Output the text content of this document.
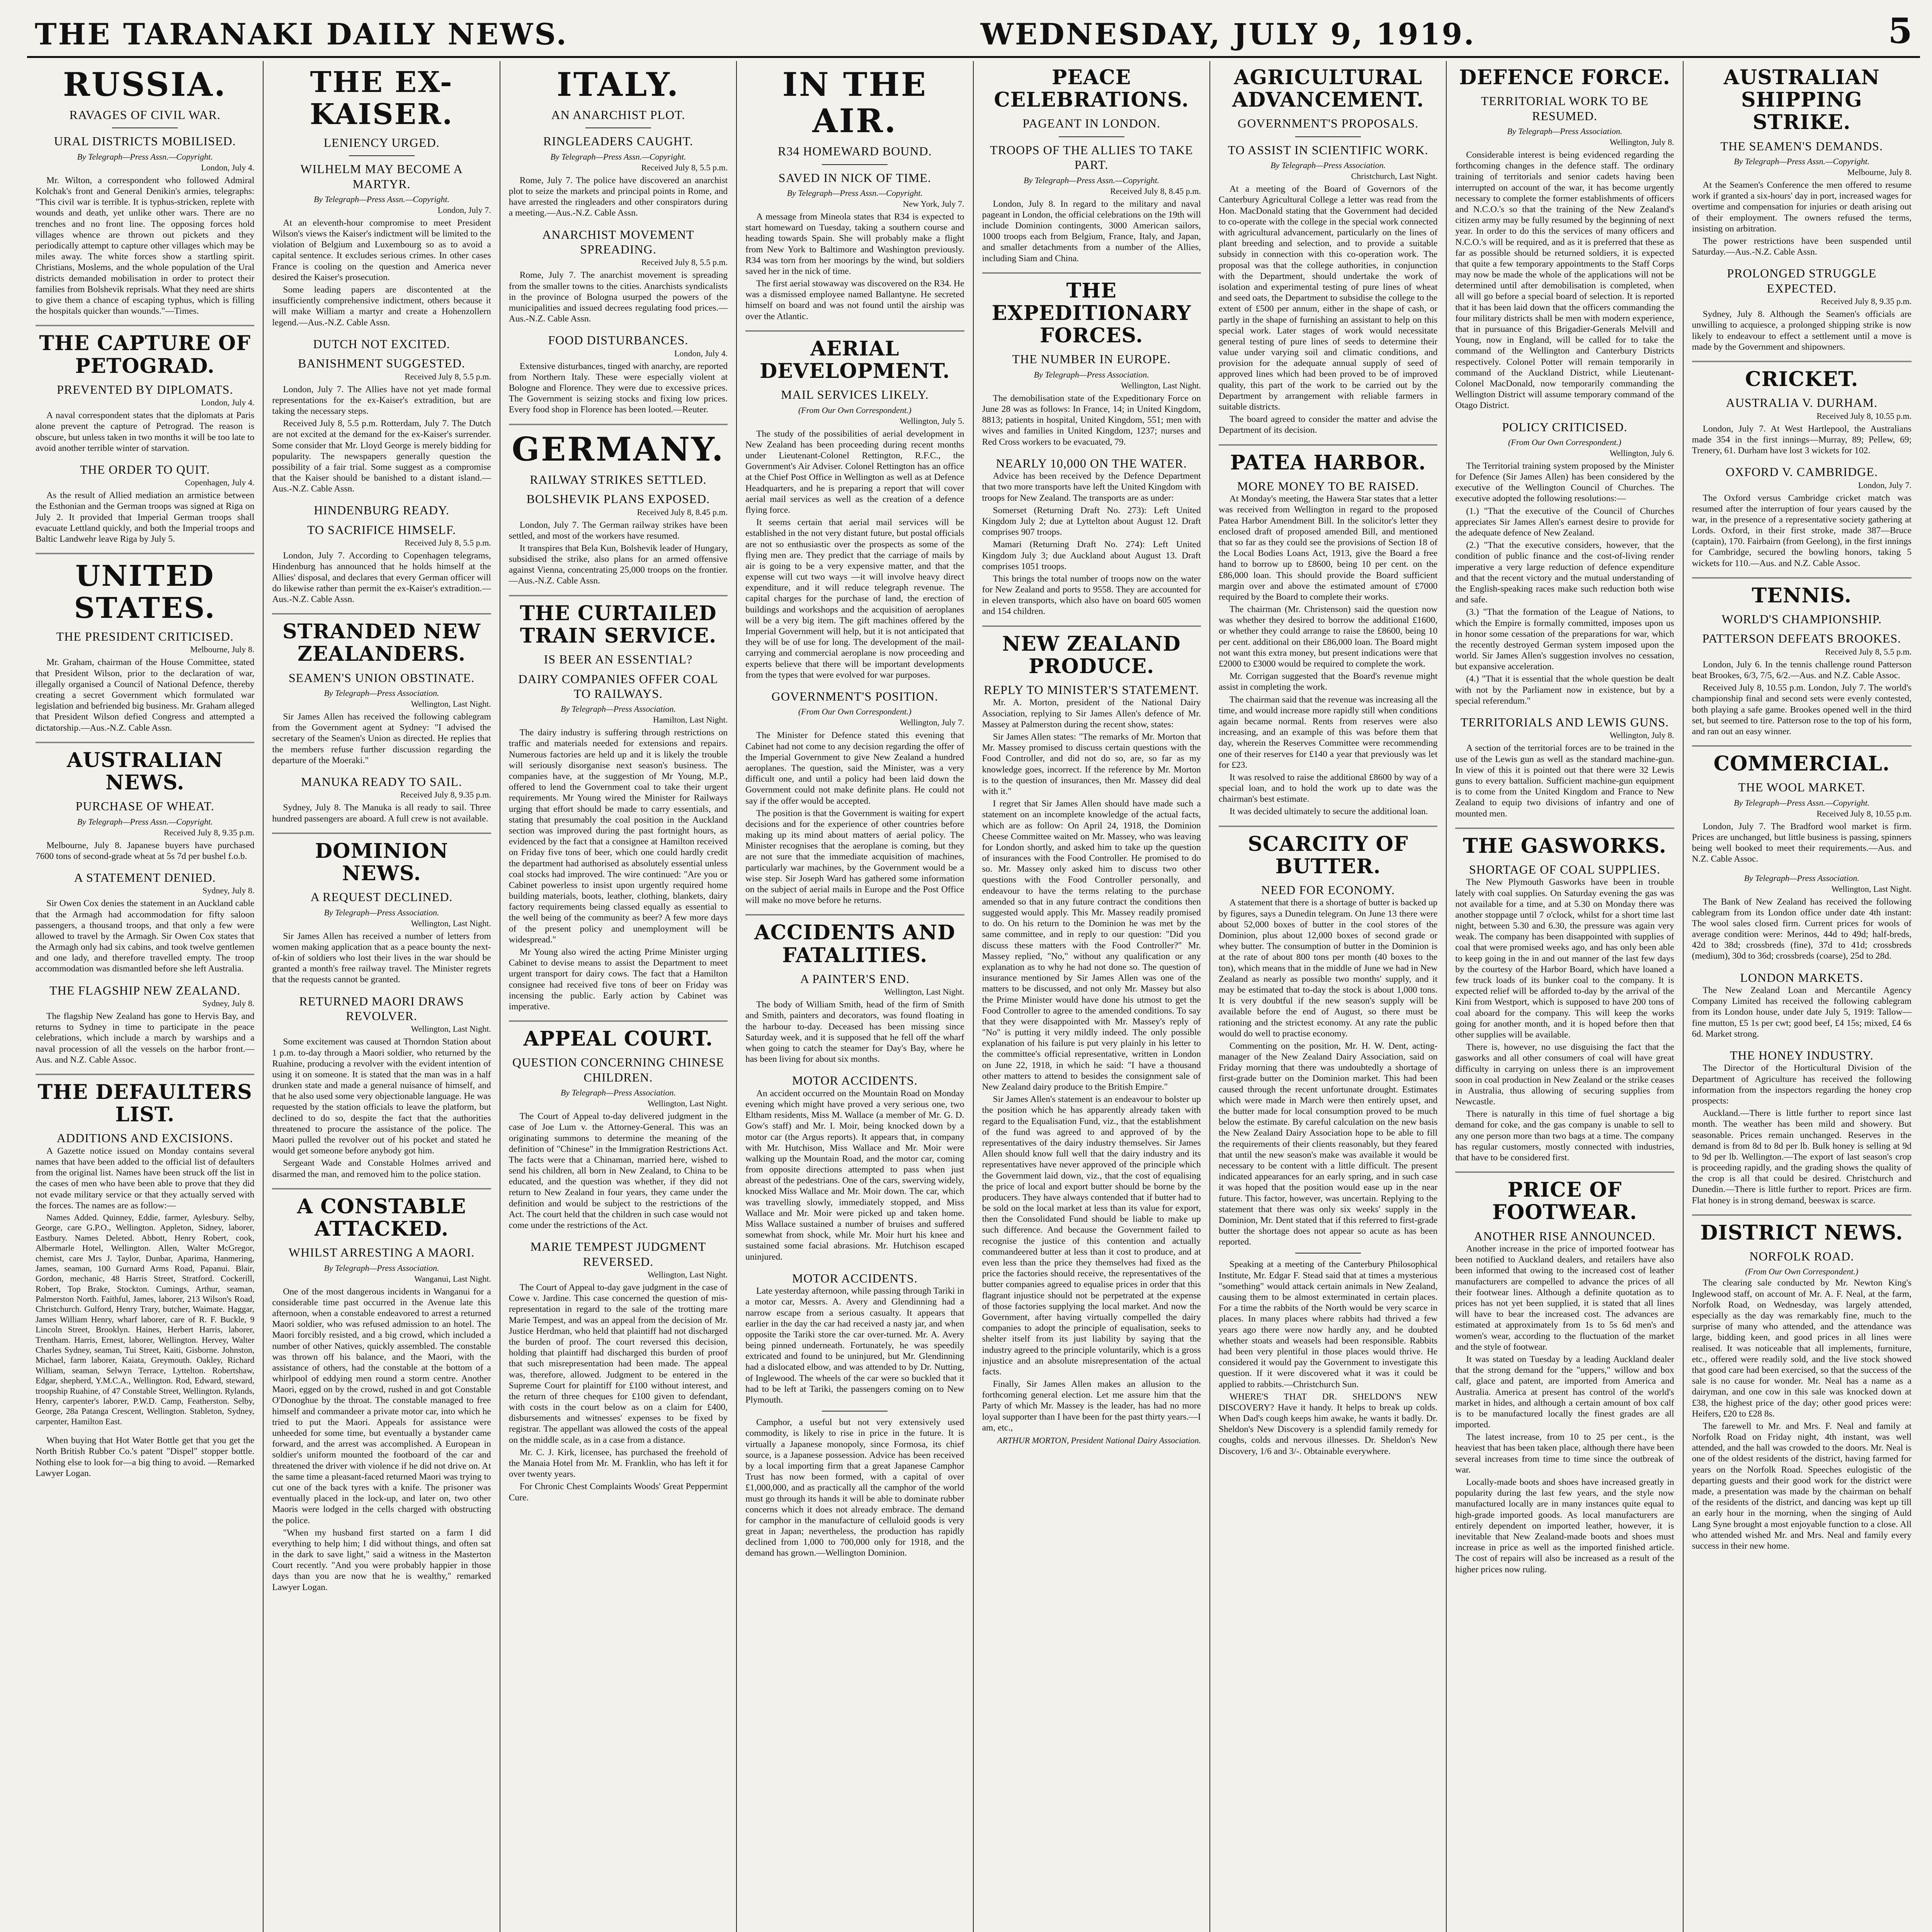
THE TARANAKI DAILY NEWS.	WEDNESDAY, JULY 9, 1919.	5
RUSSIA.
RAVAGES OF CIVIL WAR.
URAL DISTRICTS MOBILISED.
By Telegraph—Press Assn.—Copyright.
London, July 4.

Mr. Wilton, a correspondent who followed Admiral Kolchak's front and General Denikin's armies, telegraphs: "This civil war is terrible. It is typhus-stricken, replete with wounds and death, yet unlike other wars. There are no trenches and no front line. The opposing forces hold villages whence are thrown out pickets and they periodically attempt to capture other villages which may be miles away. The white forces show a startling spirit. Christians, Moslems, and the whole population of the Ural districts demanded mobilisation in order to protect their families from Bolshevik reprisals. What they need are shirts to give them a chance of escaping typhus, which is filling the hospitals quicker than wounds."—Times.

THE CAPTURE OF PETOGRAD.
PREVENTED BY DIPLOMATS.
London, July 4.

A naval correspondent states that the diplomats at Paris alone prevent the capture of Petrograd. The reason is obscure, but unless taken in two months it will be too late to avoid another terrible winter of starvation.

THE ORDER TO QUIT.
Copenhagen, July 4.

As the result of Allied mediation an armistice between the Esthonian and the German troops was signed at Riga on July 2. It provided that Imperial German troops shall evacuate Lettland quickly, and both the Imperial troops and Baltic Landwehr leave Riga by July 5.

UNITED STATES.
THE PRESIDENT CRITICISED.
Melbourne, July 8.

Mr. Graham, chairman of the House Committee, stated that President Wilson, prior to the declaration of war, illegally organised a Council of National Defence, thereby creating a secret Government which formulated war legislation and befriended big business. Mr. Graham alleged that President Wilson defied Congress and attempted a dictatorship.—Aus.-N.Z. Cable Assn.

AUSTRALIAN NEWS.
PURCHASE OF WHEAT.
By Telegraph—Press Assn.—Copyright.
Received July 8, 9.35 p.m.

Melbourne, July 8. Japanese buyers have purchased 7600 tons of second-grade wheat at 5s 7d per bushel f.o.b.

A STATEMENT DENIED.
Sydney, July 8.

Sir Owen Cox denies the statement in an Auckland cable that the Armagh had accommodation for fifty saloon passengers, a thousand troops, and that only a few were allowed to travel by the Armagh. Sir Owen Cox states that the Armagh only had six cabins, and took twelve gentlemen and one lady, and therefore travelled empty. The troop accommodation was dismantled before she left Australia.

THE FLAGSHIP NEW ZEALAND.
Sydney, July 8.

The flagship New Zealand has gone to Hervis Bay, and returns to Sydney in time to participate in the peace celebrations, which include a march by warships and a naval procession of all the vessels on the harbor front.—Aus. and N.Z. Cable Assoc.

THE DEFAULTERS LIST.
ADDITIONS AND EXCISIONS.

A Gazette notice issued on Monday contains several names that have been added to the official list of defaulters from the original list. Names have been struck off the list in the cases of men who have been able to prove that they did not evade military service or that they actually served with the forces. The names are as follow:—

Names Added. Quinney, Eddie, farmer, Aylesbury. Selby, George, care G.P.O., Wellington. Appleton, Sidney, laborer, Eastbury. Names Deleted. Abbott, Henry Robert, cook, Albermarle Hotel, Wellington. Allen, Walter McGregor, chemist, care Mrs J. Taylor, Dunbar, Aparima, Hanmering, James, seaman, 100 Gurnard Arms Road, Papanui. Blair, Gordon, mechanic, 48 Harris Street, Stratford. Cockerill, Robert, Top Brake, Stockton. Cumings, Arthur, seaman, Palmerston North. Faithful, James, laborer, 213 Wilson's Road, Christchurch. Gulford, Henry Trary, butcher, Waimate. Haggar, James William Henry, wharf laborer, care of R. F. Buckle, 9 Lincoln Street, Brooklyn. Haines, Herbert Harris, laborer, Trentham. Harris, Ernest, laborer, Wellington. Hervey, Walter Charles Sydney, seaman, Tui Street, Kaiti, Gisborne. Johnston, Michael, farm laborer, Kaiata, Greymouth. Oakley, Richard William, seaman, Selwyn Terrace, Lyttelton. Robertshaw, Edgar, shepherd, Y.M.C.A., Wellington. Rod, Edward, steward, troopship Ruahine, of 47 Constable Street, Wellington. Rylands, Henry, carpenter's laborer, P.W.D. Camp, Featherston. Selby, George, 28a Patanga Crescent, Wellington. Stableton, Sydney, carpenter, Hamilton East.

When buying that Hot Water Bottle get that you get the North British Rubber Co.'s patent "Dispel" stopper bottle. Nothing else to look for—a big thing to avoid. —Remarked Lawyer Logan.

THE EX-KAISER.
LENIENCY URGED.
WILHELM MAY BECOME A MARTYR.
By Telegraph—Press Assn.—Copyright.
London, July 7.

At an eleventh-hour compromise to meet President Wilson's views the Kaiser's indictment will be limited to the violation of Belgium and Luxembourg so as to avoid a capital sentence. It excludes serious crimes. In other cases France is cooling on the question and America never desired the Kaiser's prosecution.

Some leading papers are discontented at the insufficiently comprehensive indictment, others because it will make William a martyr and create a Hohenzollern legend.—Aus.-N.Z. Cable Assn.

DUTCH NOT EXCITED.
BANISHMENT SUGGESTED.
Received July 8, 5.5 p.m.

London, July 7. The Allies have not yet made formal representations for the ex-Kaiser's extradition, but are taking the necessary steps.

Received July 8, 5.5 p.m. Rotterdam, July 7. The Dutch are not excited at the demand for the ex-Kaiser's surrender. Some consider that Mr. Lloyd George is merely bidding for popularity. The newspapers generally question the possibility of a fair trial. Some suggest as a compromise that the Kaiser should be banished to a distant island.—Aus.-N.Z. Cable Assn.

HINDENBURG READY.
TO SACRIFICE HIMSELF.
Received July 8, 5.5 p.m.

London, July 7. According to Copenhagen telegrams, Hindenburg has announced that he holds himself at the Allies' disposal, and declares that every German officer will do likewise rather than permit the ex-Kaiser's extradition.—Aus.-N.Z. Cable Assn.

STRANDED NEW ZEALANDERS.
SEAMEN'S UNION OBSTINATE.
By Telegraph—Press Association.
Wellington, Last Night.

Sir James Allen has received the following cablegram from the Government agent at Sydney: "I advised the secretary of the Seamen's Union as directed. He replies that the members refuse further discussion regarding the departure of the Moeraki."

MANUKA READY TO SAIL.
Received July 8, 9.35 p.m.

Sydney, July 8. The Manuka is all ready to sail. Three hundred passengers are aboard. A full crew is not available.

DOMINION NEWS.
A REQUEST DECLINED.
By Telegraph—Press Association.
Wellington, Last Night.

Sir James Allen has received a number of letters from women making application that as a peace bounty the next-of-kin of soldiers who lost their lives in the war should be granted a month's free railway travel. The Minister regrets that the requests cannot be granted.

RETURNED MAORI DRAWS REVOLVER.
Wellington, Last Night.

Some excitement was caused at Thorndon Station about 1 p.m. to-day through a Maori soldier, who returned by the Ruahine, producing a revolver with the evident intention of using it on someone. It is stated that the man was in a half drunken state and made a general nuisance of himself, and that he also used some very objectionable language. He was requested by the station officials to leave the platform, but declined to do so, despite the fact that the authorities threatened to procure the assistance of the police. The Maori pulled the revolver out of his pocket and stated he would get someone before anybody got him.

Sergeant Wade and Constable Holmes arrived and disarmed the man, and removed him to the police station.

A CONSTABLE ATTACKED.
WHILST ARRESTING A MAORI.
By Telegraph—Press Association.
Wanganui, Last Night.

One of the most dangerous incidents in Wanganui for a considerable time past occurred in the Avenue late this afternoon, when a constable endeavored to arrest a returned Maori soldier, who was refused admission to an hotel. The Maori forcibly resisted, and a big crowd, which included a number of other Natives, quickly assembled. The constable was thrown off his balance, and the Maori, with the assistance of others, had the constable at the bottom of a whirlpool of eddying men round a storm centre. Another Maori, egged on by the crowd, rushed in and got Constable O'Donoghue by the throat. The constable managed to free himself and commandeer a private motor car, into which he tried to put the Maori. Appeals for assistance were unheeded for some time, but eventually a bystander came forward, and the arrest was accomplished. A European in soldier's uniform mounted the footboard of the car and threatened the driver with violence if he did not drive on. At the same time a pleasant-faced returned Maori was trying to cut one of the back tyres with a knife. The prisoner was eventually placed in the lock-up, and later on, two other Maoris were lodged in the cells charged with obstructing the police.

"When my husband first started on a farm I did everything to help him; I did without things, and often sat in the dark to save light," said a witness in the Masterton Court recently. "And you were probably happier in those days than you are now that he is wealthy," remarked Lawyer Logan.

ITALY.
AN ANARCHIST PLOT.
RINGLEADERS CAUGHT.
By Telegraph—Press Assn.—Copyright.
Received July 8, 5.5 p.m.

Rome, July 7. The police have discovered an anarchist plot to seize the markets and principal points in Rome, and have arrested the ringleaders and other conspirators during a meeting.—Aus.-N.Z. Cable Assn.

ANARCHIST MOVEMENT SPREADING.
Received July 8, 5.5 p.m.

Rome, July 7. The anarchist movement is spreading from the smaller towns to the cities. Anarchists syndicalists in the province of Bologna usurped the powers of the municipalities and issued decrees regulating food prices.—Aus.-N.Z. Cable Assn.

FOOD DISTURBANCES.
London, July 4.

Extensive disturbances, tinged with anarchy, are reported from Northern Italy. These were especially violent at Bologne and Florence. They were due to excessive prices. The Government is seizing stocks and fixing low prices. Every food shop in Florence has been looted.—Reuter.

GERMANY.
RAILWAY STRIKES SETTLED.
BOLSHEVIK PLANS EXPOSED.
Received July 8, 8.45 p.m.

London, July 7. The German railway strikes have been settled, and most of the workers have resumed.

It transpires that Bela Kun, Bolshevik leader of Hungary, subsidised the strike, also plans for an armed offensive against Vienna, concentrating 25,000 troops on the frontier.—Aus.-N.Z. Cable Assn.

THE CURTAILED TRAIN SERVICE.
IS BEER AN ESSENTIAL?
DAIRY COMPANIES OFFER COAL TO RAILWAYS.
By Telegraph—Press Association.
Hamilton, Last Night.

The dairy industry is suffering through restrictions on traffic and materials needed for extensions and repairs. Numerous factories are held up and it is likely the trouble will seriously disorganise next season's business. The companies have, at the suggestion of Mr Young, M.P., offered to lend the Government coal to take their urgent requirements. Mr Young wired the Minister for Railways urging that effort should be made to carry essentials, and stating that presumably the coal position in the Auckland section was improved during the past fortnight hours, as evidenced by the fact that a consignee at Hamilton received on Friday five tons of beer, which one could hardly credit the department had authorised as absolutely essential unless coal stocks had improved. The wire continued: "Are you or Cabinet powerless to insist upon urgently required home building materials, boots, leather, clothing, blankets, dairy factory requirements being classed equally as essential to the well being of the community as beer? A few more days of the present policy and unemployment will be widespread."

Mr Young also wired the acting Prime Minister urging Cabinet to devise means to assist the Department to meet urgent transport for dairy cows. The fact that a Hamilton consignee had received five tons of beer on Friday was incensing the public. Early action by Cabinet was imperative.

APPEAL COURT.
QUESTION CONCERNING CHINESE CHILDREN.
By Telegraph—Press Association.
Wellington, Last Night.

The Court of Appeal to-day delivered judgment in the case of Joe Lum v. the Attorney-General. This was an originating summons to determine the meaning of the definition of "Chinese" in the Immigration Restrictions Act. The facts were that a Chinaman, married here, wished to send his children, all born in New Zealand, to China to be educated, and the question was whether, if they did not return to New Zealand in four years, they came under the definition and would be subject to the restrictions of the Act. The court held that the children in such case would not come under the restrictions of the Act.

MARIE TEMPEST JUDGMENT REVERSED.
Wellington, Last Night.

The Court of Appeal to-day gave judgment in the case of Cowe v. Jardine. This case concerned the question of mis-representation in regard to the sale of the trotting mare Marie Tempest, and was an appeal from the decision of Mr. Justice Herdman, who held that plaintiff had not discharged the burden of proof. The court reversed this decision, holding that plaintiff had discharged this burden of proof that such misrepresentation had been made. The appeal was, therefore, allowed. Judgment to be entered in the Supreme Court for plaintiff for £100 without interest, and the return of three cheques for £100 given to defendant, with costs in the court below as on a claim for £400, disbursements and witnesses' expenses to be fixed by registrar. The appellant was allowed the costs of the appeal on the middle scale, as in a case from a distance.

Mr. C. J. Kirk, licensee, has purchased the freehold of the Manaia Hotel from Mr. M. Franklin, who has left it for over twenty years.

For Chronic Chest Complaints Woods' Great Peppermint Cure.

IN THE AIR.
R34 HOMEWARD BOUND.
SAVED IN NICK OF TIME.
By Telegraph—Press Assn.—Copyright.
New York, July 7.

A message from Mineola states that R34 is expected to start homeward on Tuesday, taking a southern course and heading towards Spain. She will probably make a flight from New York to Baltimore and Washington previously. R34 was torn from her moorings by the wind, but soldiers saved her in the nick of time.

The first aerial stowaway was discovered on the R34. He was a dismissed employee named Ballantyne. He secreted himself on board and was not found until the airship was over the Atlantic.

AERIAL DEVELOPMENT.
MAIL SERVICES LIKELY.
(From Our Own Correspondent.)
Wellington, July 5.

The study of the possibilities of aerial development in New Zealand has been proceeding during recent months under Lieutenant-Colonel Rettington, R.F.C., the Government's Air Adviser. Colonel Rettington has an office at the Chief Post Office in Wellington as well as at Defence Headquarters, and he is preparing a report that will cover aerial mail services as well as the creation of a defence flying force.

It seems certain that aerial mail services will be established in the not very distant future, but postal officials are not so enthusiastic over the prospects as some of the flying men are. They predict that the carriage of mails by air is going to be a very expensive matter, and that the expense will cut two ways —it will involve heavy direct expenditure, and it will reduce telegraph revenue. The capital charges for the purchase of land, the erection of buildings and workshops and the acquisition of aeroplanes will be a very big item. The gift machines offered by the Imperial Government will help, but it is not anticipated that they will be of use for long. The development of the mail-carrying and commercial aeroplane is now proceeding and experts believe that there will be important developments from the types that were evolved for war purposes.

GOVERNMENT'S POSITION.
(From Our Own Correspondent.)
Wellington, July 7.

The Minister for Defence stated this evening that Cabinet had not come to any decision regarding the offer of the Imperial Government to give New Zealand a hundred aeroplanes. The question, said the Minister, was a very difficult one, and until a policy had been laid down the Government could not make definite plans. He could not say if the offer would be accepted.

The position is that the Government is waiting for expert decisions and for the experience of other countries before making up its mind about matters of aerial policy. The Minister recognises that the aeroplane is coming, but they are not sure that the immediate acquisition of machines, particularly war machines, by the Government would be a wise step. Sir Joseph Ward has gathered some information on the subject of aerial mails in Europe and the Post Office will make no move before he returns.

ACCIDENTS AND FATALITIES.
A PAINTER'S END.
Wellington, Last Night.

The body of William Smith, head of the firm of Smith and Smith, painters and decorators, was found floating in the harbour to-day. Deceased has been missing since Saturday week, and it is supposed that he fell off the wharf when going to catch the steamer for Day's Bay, where he has been living for about six months.

MOTOR ACCIDENTS.

An accident occurred on the Mountain Road on Monday evening which might have proved a very serious one, two Eltham residents, Miss M. Wallace (a member of Mr. G. D. Gow's staff) and Mr. I. Moir, being knocked down by a motor car (the Argus reports). It appears that, in company with Mr. Hutchison, Miss Wallace and Mr. Moir were walking up the Mountain Road, and the motor car, coming from opposite directions attempted to pass when just abreast of the pedestrians. One of the cars, swerving widely, knocked Miss Wallace and Mr. Moir down. The car, which was travelling slowly, immediately stopped, and Miss Wallace and Mr. Moir were picked up and taken home. Miss Wallace sustained a number of bruises and suffered somewhat from shock, while Mr. Moir hurt his knee and sustained some facial abrasions. Mr. Hutchison escaped uninjured.

MOTOR ACCIDENTS.

Late yesterday afternoon, while passing through Tariki in a motor car, Messrs. A. Avery and Glendinning had a narrow escape from a serious casualty. It appears that earlier in the day the car had received a nasty jar, and when opposite the Tariki store the car over-turned. Mr. A. Avery being pinned underneath. Fortunately, he was speedily extricated and found to be uninjured, but Mr. Glendinning had a dislocated elbow, and was attended to by Dr. Nutting, of Inglewood. The wheels of the car were so buckled that it had to be left at Tariki, the passengers coming on to New Plymouth.

Camphor, a useful but not very extensively used commodity, is likely to rise in price in the future. It is virtually a Japanese monopoly, since Formosa, its chief source, is a Japanese possession. Advice has been received by a local importing firm that a great Japanese Camphor Trust has now been formed, with a capital of over £1,000,000, and as practically all the camphor of the world must go through its hands it will be able to dominate rubber concerns which it does not already embrace. The demand for camphor in the manufacture of celluloid goods is very great in Japan; nevertheless, the production has rapidly declined from 1,000 to 700,000 only for 1918, and the demand has grown.—Wellington Dominion.

PEACE CELEBRATIONS.
PAGEANT IN LONDON.
TROOPS OF THE ALLIES TO TAKE PART.
By Telegraph—Press Assn.—Copyright.
Received July 8, 8.45 p.m.

London, July 8. In regard to the military and naval pageant in London, the official celebrations on the 19th will include Dominion contingents, 3000 American sailors, 1000 troops each from Belgium, France, Italy, and Japan, and smaller detachments from a number of the Allies, including Siam and China.

THE EXPEDITIONARY FORCES.
THE NUMBER IN EUROPE.
By Telegraph—Press Association.
Wellington, Last Night.

The demobilisation state of the Expeditionary Force on June 28 was as follows: In France, 14; in United Kingdom, 8813; patients in hospital, United Kingdom, 551; men with wives and families in United Kingdom, 1237; nurses and Red Cross workers to be evacuated, 79.

NEARLY 10,000 ON THE WATER.

Advice has been received by the Defence Department that two more transports have left the United Kingdom with troops for New Zealand. The transports are as under:

Somerset (Returning Draft No. 273): Left United Kingdom July 2; due at Lyttelton about August 12. Draft comprises 907 troops.

Mamari (Returning Draft No. 274): Left United Kingdom July 3; due Auckland about August 13. Draft comprises 1051 troops.

This brings the total number of troops now on the water for New Zealand and ports to 9558. They are accounted for in eleven transports, which also have on board 605 women and 154 children.

NEW ZEALAND PRODUCE.
REPLY TO MINISTER'S STATEMENT.

Mr. A. Morton, president of the National Dairy Association, replying to Sir James Allen's defence of Mr. Massey at Palmerston during the recent show, states:

Sir James Allen states: "The remarks of Mr. Morton that Mr. Massey promised to discuss certain questions with the Food Controller, and did not do so, are, so far as my knowledge goes, incorrect. If the reference by Mr. Morton is to the question of insurances, then Mr. Massey did deal with it."

I regret that Sir James Allen should have made such a statement on an incomplete knowledge of the actual facts, which are as follow: On April 24, 1918, the Dominion Cheese Committee waited on Mr. Massey, who was leaving for London shortly, and asked him to take up the question of insurances with the Food Controller. He promised to do so. Mr. Massey only asked him to discuss two other questions with the Food Controller personally, and endeavour to have the terms relating to the purchase amended so that in any future contract the conditions then suggested would apply. This Mr. Massey readily promised to do. On his return to the Dominion he was met by the same committee, and in reply to our question: "Did you discuss these matters with the Food Controller?" Mr. Massey replied, "No," without any qualification or any explanation as to why he had not done so. The question of insurance mentioned by Sir James Allen was one of the matters to be discussed, and not only Mr. Massey but also the Prime Minister would have done his utmost to get the Food Controller to agree to the amended conditions. To say that they were disappointed with Mr. Massey's reply of "No" is putting it very mildly indeed. The only possible explanation of his failure is put very plainly in his letter to the committee's official representative, written in London on June 22, 1918, in which he said: "I have a thousand other matters to attend to besides the consignment sale of New Zealand dairy produce to the British Empire."

Sir James Allen's statement is an endeavour to bolster up the position which he has apparently already taken with regard to the Equalisation Fund, viz., that the establishment of the fund was agreed to and approved of by the representatives of the dairy industry themselves. Sir James Allen should know full well that the dairy industry and its representatives have never approved of the principle which the Government laid down, viz., that the cost of equalising the price of local and export butter should be borne by the producers. They have always contended that if butter had to be sold on the local market at less than its value for export, then the Consolidated Fund should be liable to make up such difference. And because the Government failed to recognise the justice of this contention and actually commandeered butter at less than it cost to produce, and at even less than the price they themselves had fixed as the price the factories should receive, the representatives of the butter companies agreed to equalise prices in order that this flagrant injustice should not be perpetrated at the expense of those factories supplying the local market. And now the Government, after having virtually compelled the dairy companies to adopt the principle of equalisation, seeks to shelter itself from its just liability by saying that the industry agreed to the principle voluntarily, which is a gross injustice and an absolute misrepresentation of the actual facts.

Finally, Sir James Allen makes an allusion to the forthcoming general election. Let me assure him that the Party of which Mr. Massey is the leader, has had no more loyal supporter than I have been for the past thirty years.—I am, etc.,

ARTHUR MORTON, President National Dairy Association.
AGRICULTURAL ADVANCEMENT.
GOVERNMENT'S PROPOSALS.
TO ASSIST IN SCIENTIFIC WORK.
By Telegraph—Press Association.
Christchurch, Last Night.

At a meeting of the Board of Governors of the Canterbury Agricultural College a letter was read from the Hon. MacDonald stating that the Government had decided to co-operate with the college in the special work connected with agricultural advancement, particularly on the lines of plant breeding and selection, and to provide a suitable subsidy in connection with this co-operation work. The proposal was that the college authorities, in conjunction with the Department, should undertake the work of isolation and experimental testing of pure lines of wheat and seed oats, the Department to subsidise the college to the extent of £500 per annum, either in the shape of cash, or partly in the shape of furnishing an assistant to help on this special work. Later stages of work would necessitate general testing of pure lines of seeds to determine their value under varying soil and climatic conditions, and provision for the adequate annual supply of seed of approved lines which had been proved to be of improved quality, this part of the work to be carried out by the Department by arrangement with reliable farmers in suitable districts.

The board agreed to consider the matter and advise the Department of its decision.

PATEA HARBOR.
MORE MONEY TO BE RAISED.

At Monday's meeting, the Hawera Star states that a letter was received from Wellington in regard to the proposed Patea Harbor Amendment Bill. In the solicitor's letter they enclosed draft of proposed amended Bill, and mentioned that so far as they could see the provisions of Section 18 of the Local Bodies Loans Act, 1913, give the Board a free hand to borrow up to £8600, being 10 per cent. on the £86,000 loan. This should provide the Board sufficient margin over and above the estimated amount of £7000 required by the Board to complete their works.

The chairman (Mr. Christenson) said the question now was whether they desired to borrow the additional £1600, or whether they could arrange to raise the £8600, being 10 per cent. additional on their £86,000 loan. The Board might not want this extra money, but present indications were that £2000 to £3000 would be required to complete the work.

Mr. Corrigan suggested that the Board's revenue might assist in completing the work.

The chairman said that the revenue was increasing all the time, and would increase more rapidly still when conditions again became normal. Rents from reserves were also increasing, and an example of this was before them that day, wherein the Reserves Committee were recommending one of their reserves for £140 a year that previously was let for £23.

It was resolved to raise the additional £8600 by way of a special loan, and to hold the work up to date was the chairman's best estimate.

It was decided ultimately to secure the additional loan.

SCARCITY OF BUTTER.
NEED FOR ECONOMY.

A statement that there is a shortage of butter is backed up by figures, says a Dunedin telegram. On June 13 there were about 52,000 boxes of butter in the cool stores of the Dominion, plus about 12,000 boxes of second grade or whey butter. The consumption of butter in the Dominion is at the rate of about 800 tons per month (40 boxes to the ton), which means that in the middle of June we had in New Zealand as nearly as possible two months' supply, and it may be estimated that to-day the stock is about 1,000 tons. It is very doubtful if the new season's supply will be available before the end of August, so there must be rationing and the strictest economy. At any rate the public would do well to practise economy.

Commenting on the position, Mr. H. W. Dent, acting-manager of the New Zealand Dairy Association, said on Friday morning that there was undoubtedly a shortage of first-grade butter on the Dominion market. This had been caused through the recent unfortunate drought. Estimates which were made in March were then entirely upset, and the butter made for local consumption proved to be much below the estimate. By careful calculation on the new basis the New Zealand Dairy Association hope to be able to fill the requirements of their clients reasonably, but they feared that until the new season's make was available it would be necessary to be content with a little difficult. The present indicated appearances for an early spring, and in such case it was hoped that the position would ease up in the near future. This factor, however, was uncertain. Replying to the statement that there was only six weeks' supply in the Dominion, Mr. Dent stated that if this referred to first-grade butter the shortage does not appear so acute as has been reported.

Speaking at a meeting of the Canterbury Philosophical Institute, Mr. Edgar F. Stead said that at times a mysterious "something" would attack certain animals in New Zealand, causing them to be almost exterminated in certain places. For a time the rabbits of the North would be very scarce in places. In many places where rabbits had thrived a few years ago there were now hardly any, and he doubted whether stoats and weasels had been responsible. Rabbits had been very plentiful in those places would thrive. He considered it would pay the Government to investigate this question. If it were discovered what it was it could be applied to rabbits.—Christchurch Sun.

WHERE'S THAT DR. SHELDON'S NEW DISCOVERY? Have it handy. It helps to break up colds. When Dad's cough keeps him awake, he wants it badly. Dr. Sheldon's New Discovery is a splendid family remedy for coughs, colds and nervous illnesses. Dr. Sheldon's New Discovery, 1/6 and 3/-. Obtainable everywhere.

DEFENCE FORCE.
TERRITORIAL WORK TO BE RESUMED.
By Telegraph—Press Association.
Wellington, July 8.

Considerable interest is being evidenced regarding the forthcoming changes in the defence staff. The ordinary training of territorials and senior cadets having been interrupted on account of the war, it has become urgently necessary to complete the former establishments of officers and N.C.O.'s so that the training of the New Zealand's citizen army may be fully resumed by the beginning of next year. In order to do this the services of many officers and N.C.O.'s will be required, and as it is preferred that these as far as possible should be returned soldiers, it is expected that quite a few temporary appointments to the Staff Corps may now be made the whole of the applications will not be determined until after demobilisation is completed, when all will go before a special board of selection. It is reported that it has been laid down that the officers commanding the four military districts shall be men with modern experience, that in pursuance of this Brigadier-Generals Melvill and Young, now in England, will be called for to take the command of the Wellington and Canterbury Districts respectively. Colonel Potter will remain temporarily in command of the Auckland District, while Lieutenant-Colonel MacDonald, now temporarily commanding the Wellington District will assume temporary command of the Otago District.

POLICY CRITICISED.
(From Our Own Correspondent.)
Wellington, July 6.

The Territorial training system proposed by the Minister for Defence (Sir James Allen) has been considered by the executive of the Wellington Council of Churches. The executive adopted the following resolutions:—

(1.) "That the executive of the Council of Churches appreciates Sir James Allen's earnest desire to provide for the adequate defence of New Zealand.

(2.) "That the executive considers, however, that the condition of public finance and the cost-of-living render imperative a very large reduction of defence expenditure and that the recent victory and the mutual understanding of the English-speaking races make such reduction both wise and safe.

(3.) "That the formation of the League of Nations, to which the Empire is formally committed, imposes upon us in honor some cessation of the preparations for war, which the recently destroyed German system imposed upon the world. Sir James Allen's suggestion involves no cessation, but expansive acceleration.

(4.) "That it is essential that the whole question be dealt with not by the Parliament now in existence, but by a special referendum."

TERRITORIALS AND LEWIS GUNS.
Wellington, July 8.

A section of the territorial forces are to be trained in the use of the Lewis gun as well as the standard machine-gun. In view of this it is pointed out that there were 32 Lewis guns to every battalion. Sufficient machine-gun equipment is to come from the United Kingdom and France to New Zealand to equip two divisions of infantry and one of mounted men.

THE GASWORKS.
SHORTAGE OF COAL SUPPLIES.

The New Plymouth Gasworks have been in trouble lately with coal supplies. On Saturday evening the gas was not available for a time, and at 5.30 on Monday there was another stoppage until 7 o'clock, whilst for a short time last night, between 5.30 and 6.30, the pressure was again very weak. The company has been disappointed with supplies of coal that were promised weeks ago, and has only been able to keep going in the in and out manner of the last few days by the courtesy of the Harbor Board, which have loaned a few truck loads of its bunker coal to the company. It is expected relief will be afforded to-day by the arrival of the Kini from Westport, which is supposed to have 200 tons of coal aboard for the company. This will keep the works going for another month, and it is hoped before then that other supplies will be available.

There is, however, no use disguising the fact that the gasworks and all other consumers of coal will have great difficulty in carrying on unless there is an improvement soon in coal production in New Zealand or the strike ceases in Australia, thus allowing of securing supplies from Newcastle.

There is naturally in this time of fuel shortage a big demand for coke, and the gas company is unable to sell to any one person more than two bags at a time. The company has regular customers, mostly connected with industries, that have to be considered first.

PRICE OF FOOTWEAR.
ANOTHER RISE ANNOUNCED.

Another increase in the price of imported footwear has been notified to Auckland dealers, and retailers have also been informed that owing to the increased cost of leather manufacturers are compelled to advance the prices of all their footwear lines. Although a definite quotation as to prices has not yet been supplied, it is stated that all lines will have to bear the increased cost. The advances are estimated at approximately from 1s to 5s 6d men's and women's wear, according to the fluctuation of the market and the style of footwear.

It was stated on Tuesday by a leading Auckland dealer that the strong demand for the "uppers," willow and box calf, glace and patent, are imported from America and Australia. America at present has control of the world's market in hides, and although a certain amount of box calf is to be manufactured locally the finest grades are all imported.

The latest increase, from 10 to 25 per cent., is the heaviest that has been taken place, although there have been several increases from time to time since the outbreak of war.

Locally-made boots and shoes have increased greatly in popularity during the last few years, and the style now manufactured locally are in many instances quite equal to high-grade imported goods. As local manufacturers are entirely dependent on imported leather, however, it is inevitable that New Zealand-made boots and shoes must increase in price as well as the imported finished article. The cost of repairs will also be increased as a result of the higher prices now ruling.

AUSTRALIAN SHIPPING STRIKE.
THE SEAMEN'S DEMANDS.
By Telegraph—Press Assn.—Copyright.
Melbourne, July 8.

At the Seamen's Conference the men offered to resume work if granted a six-hours' day in port, increased wages for overtime and compensation for injuries or death arising out of their employment. The owners refused the terms, insisting on arbitration.

The power restrictions have been suspended until Saturday.—Aus.-N.Z. Cable Assn.

PROLONGED STRUGGLE EXPECTED.
Received July 8, 9.35 p.m.

Sydney, July 8. Although the Seamen's officials are unwilling to acquiesce, a prolonged shipping strike is now likely to endeavour to effect a settlement until a move is made by the Government and shipowners.

CRICKET.
AUSTRALIA V. DURHAM.
Received July 8, 10.55 p.m.

London, July 7. At West Hartlepool, the Australians made 354 in the first innings—Murray, 89; Pellew, 69; Trenery, 61. Durham have lost 3 wickets for 102.

OXFORD V. CAMBRIDGE.
London, July 7.

The Oxford versus Cambridge cricket match was resumed after the interruption of four years caused by the war, in the presence of a representative society gathering at Lords. Oxford, in their first stroke, made 387—Bruce (captain), 170. Fairbairn (from Geelong), in the first innings for Cambridge, secured the bowling honors, taking 5 wickets for 110.—Aus. and N.Z. Cable Assoc.

TENNIS.
WORLD'S CHAMPIONSHIP.
PATTERSON DEFEATS BROOKES.
Received July 8, 5.5 p.m.

London, July 6. In the tennis challenge round Patterson beat Brookes, 6/3, 7/5, 6/2.—Aus. and N.Z. Cable Assoc.

Received July 8, 10.55 p.m. London, July 7. The world's championship final and second sets were evenly contested, both playing a safe game. Brookes opened well in the third set, but seemed to tire. Patterson rose to the top of his form, and ran out an easy winner.

COMMERCIAL.
THE WOOL MARKET.
By Telegraph—Press Assn.—Copyright.
Received July 8, 10.55 p.m.

London, July 7. The Bradford wool market is firm. Prices are unchanged, but little business is passing, spinners being well booked to meet their requirements.—Aus. and N.Z. Cable Assoc.

By Telegraph—Press Association.
Wellington, Last Night.

The Bank of New Zealand has received the following cablegram from its London office under date 4th instant: The wool sales closed firm. Current prices for wools of average condition were: Merinos, 44d to 49d; half-breds, 42d to 38d; crossbreds (fine), 37d to 41d; crossbreds (medium), 30d to 36d; crossbreds (coarse), 25d to 28d.

LONDON MARKETS.

The New Zealand Loan and Mercantile Agency Company Limited has received the following cablegram from its London house, under date July 5, 1919: Tallow—fine mutton, £5 1s per cwt; good beef, £4 15s; mixed, £4 6s 6d. Market strong.

THE HONEY INDUSTRY.

The Director of the Horticultural Division of the Department of Agriculture has received the following information from the inspectors regarding the honey crop prospects:

Auckland.—There is little further to report since last month. The weather has been mild and showery. But seasonable. Prices remain unchanged. Reserves in the demand is from 8d to 8d per lb. Bulk honey is selling at 9d to 9d per lb. Wellington.—The export of last season's crop is proceeding rapidly, and the grading shows the quality of the crop is all that could be desired. Christchurch and Dunedin.—There is little further to report. Prices are firm. Flat honey is in strong demand, beeswax is scarce.

DISTRICT NEWS.
NORFOLK ROAD.
(From Our Own Correspondent.)

The clearing sale conducted by Mr. Newton King's Inglewood staff, on account of Mr. A. F. Neal, at the farm, Norfolk Road, on Wednesday, was largely attended, especially as the day was remarkably fine, much to the surprise of many who attended, and the attendance was large, bidding keen, and good prices in all lines were realised. It was noticeable that all implements, furniture, etc., offered were readily sold, and the live stock showed that good care had been exercised, so that the success of the sale is no cause for wonder. Mr. Neal has a name as a dairyman, and one cow in this sale was knocked down at £38, the highest price of the day; other good prices were: Heifers, £20 to £28 8s.

The farewell to Mr. and Mrs. F. Neal and family at Norfolk Road on Friday night, 4th instant, was well attended, and the hall was crowded to the doors. Mr. Neal is one of the oldest residents of the district, having farmed for years on the Norfolk Road. Speeches eulogistic of the departing guests and their good work for the district were made, a presentation was made by the chairman on behalf of the residents of the district, and dancing was kept up till an early hour in the morning, when the singing of Auld Lang Syne brought a most enjoyable function to a close. All who attended wished Mr. and Mrs. Neal and family every success in their new home.
